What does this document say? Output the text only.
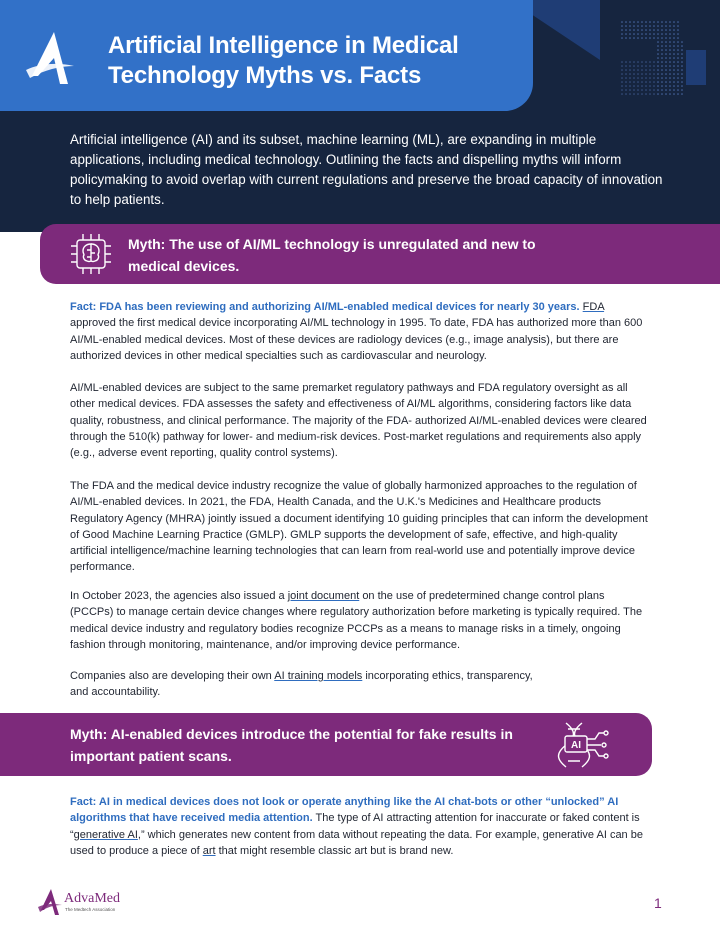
Artificial Intelligence in Medical
Technology Myths vs. Facts

Artificial intelligence (AI) and its subset, machine learning (ML), are expanding in multiple applications, including medical technology. Outlining the facts and dispelling myths will inform policymaking to avoid overlap with current regulations and preserve the broad capacity of innovation to help patients.

Myth: The use of AI/ML technology is unregulated and new to medical devices.

Fact: FDA has been reviewing and authorizing AI/ML-enabled medical devices for nearly 30 years. FDA approved the first medical device incorporating AI/ML technology in 1995. To date, FDA has authorized more than 600 AI/ML-enabled medical devices. Most of these devices are radiology devices (e.g., image analysis), but there are authorized devices in other medical specialties such as cardiovascular and neurology.

AI/ML-enabled devices are subject to the same premarket regulatory pathways and FDA regulatory oversight as all other medical devices. FDA assesses the safety and effectiveness of AI/ML algorithms, considering factors like data quality, robustness, and clinical performance. The majority of the FDA- authorized AI/ML-enabled devices were cleared through the 510(k) pathway for lower- and medium-risk devices. Post-market regulations and requirements also apply (e.g., adverse event reporting, quality control systems).

The FDA and the medical device industry recognize the value of globally harmonized approaches to the regulation of AI/ML-enabled devices. In 2021, the FDA, Health Canada, and the U.K.'s Medicines and Healthcare products Regulatory Agency (MHRA) jointly issued a document identifying 10 guiding principles that can inform the development of Good Machine Learning Practice (GMLP). GMLP supports the development of safe, effective, and high-quality artificial intelligence/machine learning technologies that can learn from real-world use and potentially improve device performance.

In October 2023, the agencies also issued a joint document on the use of predetermined change control plans (PCCPs) to manage certain device changes where regulatory authorization before marketing is typically required. The medical device industry and regulatory bodies recognize PCCPs as a means to manage risks in a timely, ongoing fashion through monitoring, maintenance, and/or improving device performance.

Companies also are developing their own AI training models incorporating ethics, transparency,
and accountability.

Myth: AI-enabled devices introduce the potential for fake results in important patient scans.
AI

Fact: AI in medical devices does not look or operate anything like the AI chat-bots or other “unlocked” AI algorithms that have received media attention. The type of AI attracting attention for inaccurate or faked content is “generative AI,” which generates new content from data without repeating the data. For example, generative AI can be used to produce a piece of art that might resemble classic art but is brand new.

AdvaMed
The Medtech Association	1
